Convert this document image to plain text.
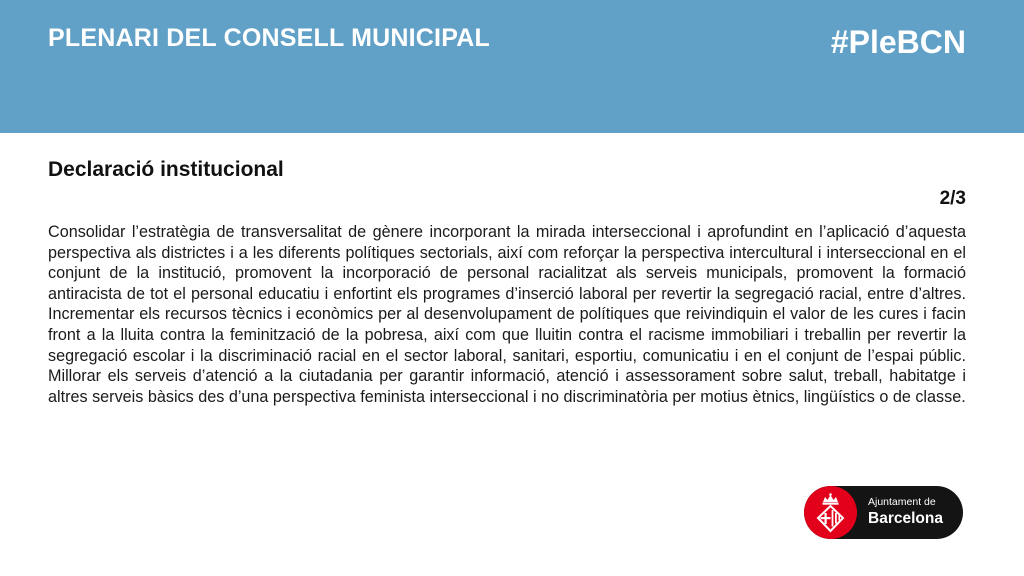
PLENARI DEL CONSELL MUNICIPAL	#PleBCN
Declaració institucional
2/3

Consolidar l’estratègia de transversalitat de gènere incorporant la mirada interseccional i aprofundint en l’aplicació d’aquesta perspectiva als districtes i a les diferents polítiques sectorials, així com reforçar la perspectiva intercultural i interseccional en el conjunt de la institució, promovent la incorporació de personal racialitzat als serveis municipals, promovent la formació antiracista de tot el personal educatiu i enfortint els programes d’inserció laboral per revertir la segregació racial, entre d’altres. Incrementar els recursos tècnics i econòmics per al desenvolupament de polítiques que reivindiquin el valor de les cures i facin front a la lluita contra la feminització de la pobresa, així com que lluitin contra el racisme immobiliari i treballin per revertir la segregació escolar i la discriminació racial en el sector laboral, sanitari, esportiu, comunicatiu i en el conjunt de l’espai públic. Millorar els serveis d’atenció a la ciutadania per garantir informació, atenció i assessorament sobre salut, treball, habitatge i altres serveis bàsics des d’una perspectiva feminista interseccional i no discriminatòria per motius ètnics, lingüístics o de classe.

Ajuntament de
Barcelona
